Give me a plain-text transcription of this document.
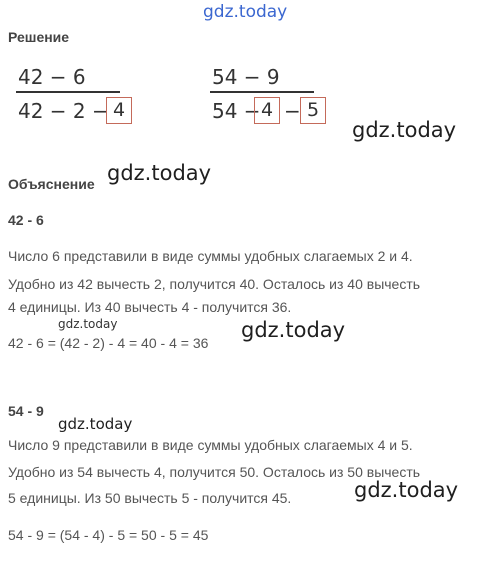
gdz.today
Решение
42 − 6
42 − 2 − 4
54 − 9
54 − 4 − 5
gdz.today
Объяснение gdz.today
42 - 6
Число 6 представили в виде суммы удобных слагаемых 2 и 4.
Удобно из 42 вычесть 2, получится 40. Осталось из 40 вычесть
4 единицы. Из 40 вычесть 4 - получится 36.
gdz.today	gdz.today
42 - 6 = (42 - 2) - 4 = 40 - 4 = 36
54 - 9
gdz.today
Число 9 представили в виде суммы удобных слагаемых 4 и 5.
Удобно из 54 вычесть 4, получится 50. Осталось из 50 вычесть
5 единицы. Из 50 вычесть 5 - получится 45.	gdz.today
54 - 9 = (54 - 4) - 5 = 50 - 5 = 45
